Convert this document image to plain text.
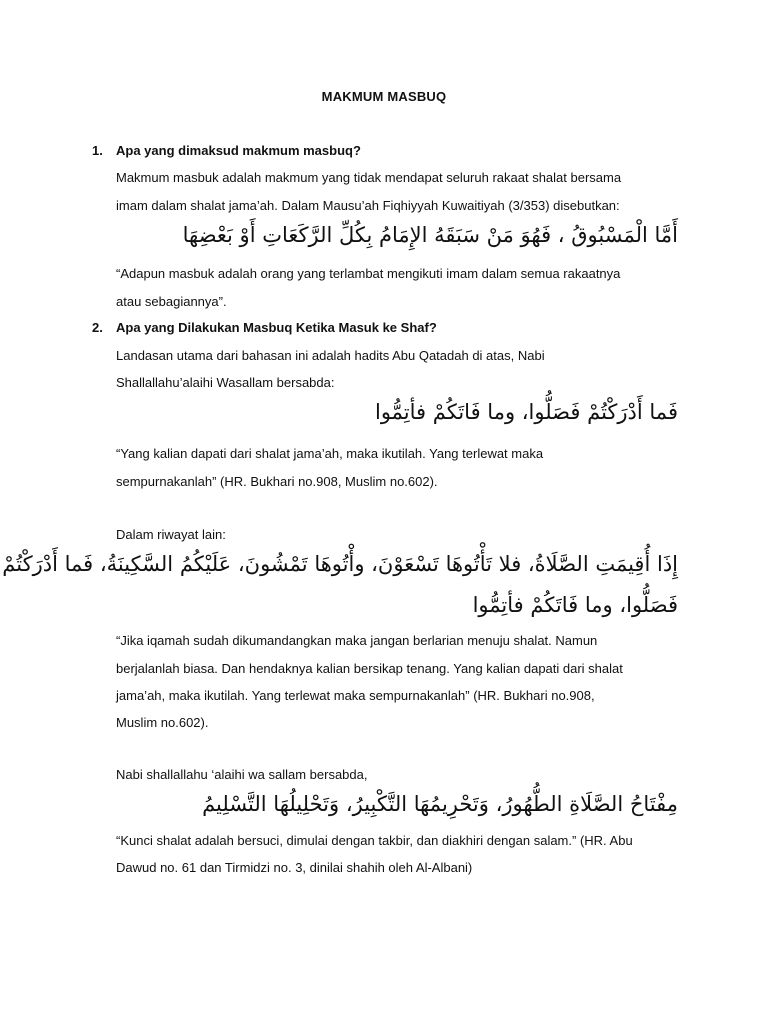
MAKMUM MASBUQ
1. Apa yang dimaksud makmum masbuq?
Makmum masbuk adalah makmum yang tidak mendapat seluruh rakaat shalat bersama
imam dalam shalat jama’ah. Dalam Mausu’ah Fiqhiyyah Kuwaitiyah (3/353) disebutkan:
أَمَّا الْمَسْبُوقُ ، فَهُوَ مَنْ سَبَقَهُ الإِمَامُ بِكُلِّ الرَّكَعَاتِ أَوْ بَعْضِهَا
“Adapun masbuk adalah orang yang terlambat mengikuti imam dalam semua rakaatnya
atau sebagiannya”.
2. Apa yang Dilakukan Masbuq Ketika Masuk ke Shaf?
Landasan utama dari bahasan ini adalah hadits Abu Qatadah di atas, Nabi
Shallallahu’alaihi Wasallam bersabda:
فَما أَدْرَكْتُمْ فَصَلُّوا، وما فَاتَكُمْ فأتِمُّوا
“Yang kalian dapati dari shalat jama’ah, maka ikutilah. Yang terlewat maka
sempurnakanlah” (HR. Bukhari no.908, Muslim no.602).
Dalam riwayat lain:
إِذَا أُقِيمَتِ الصَّلَاةُ، فلا تَأْتُوهَا تَسْعَوْنَ، وأْتُوهَا تَمْشُونَ، عَلَيْكُمُ السَّكِينَةُ، فَما أَدْرَكْتُمْ
فَصَلُّوا، وما فَاتَكُمْ فأتِمُّوا
“Jika iqamah sudah dikumandangkan maka jangan berlarian menuju shalat. Namun
berjalanlah biasa. Dan hendaknya kalian bersikap tenang. Yang kalian dapati dari shalat
jama’ah, maka ikutilah. Yang terlewat maka sempurnakanlah” (HR. Bukhari no.908,
Muslim no.602).
Nabi shallallahu ‘alaihi wa sallam bersabda,
مِفْتَاحُ الصَّلَاةِ الطُّهُورُ، وَتَحْرِيمُهَا التَّكْبِيرُ، وَتَحْلِيلُهَا التَّسْلِيمُ
“Kunci shalat adalah bersuci, dimulai dengan takbir, dan diakhiri dengan salam.” (HR. Abu
Dawud no. 61 dan Tirmidzi no. 3, dinilai shahih oleh Al-Albani)
